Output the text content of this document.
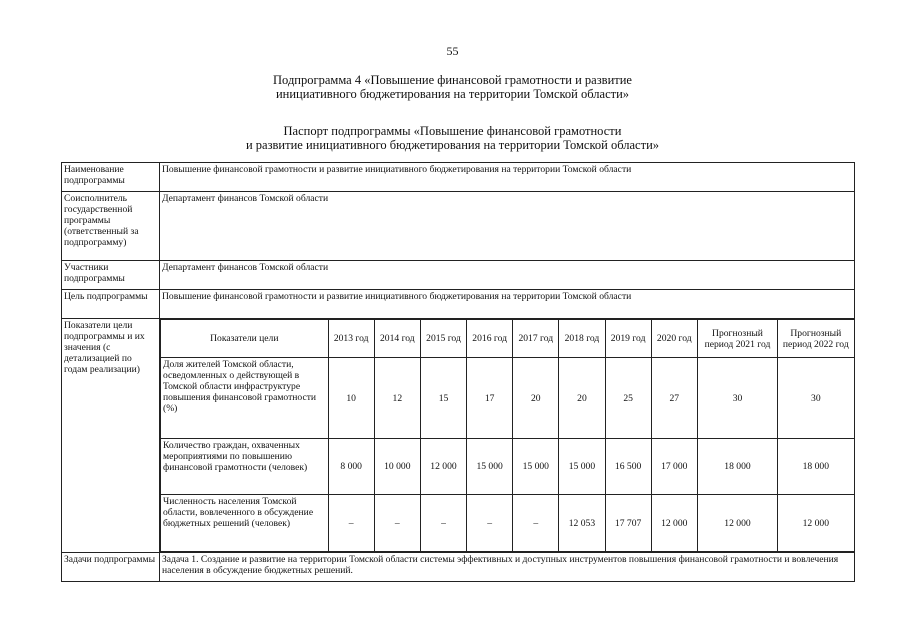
55
Подпрограмма 4 «Повышение финансовой грамотности и развитие
инициативного бюджетирования на территории Томской области»
Паспорт подпрограммы «Повышение финансовой грамотности
и развитие инициативного бюджетирования на территории Томской области»
Наименование подпрограммы	Повышение финансовой грамотности и развитие инициативного бюджетирования на территории Томской области
Соисполнитель государственной программы (ответственный за подпрограмму)	Департамент финансов Томской области
Участники подпрограммы	Департамент финансов Томской области
Цель подпрограммы	Повышение финансовой грамотности и развитие инициативного бюджетирования на территории Томской области
Показатели цели подпрограммы и их значения (с детализацией по годам реализации)	
Показатели цели	2013 год	2014 год	2015 год	2016 год	2017 год	2018 год	2019 год	2020 год	Прогнозный период 2021 год	Прогнозный период 2022 год
Доля жителей Томской области, осведомленных о действующей в Томской области инфраструктуре повышения финансовой грамотности (%)	10	12	15	17	20	20	25	27	30	30
Количество граждан, охваченных мероприятиями по повышению финансовой грамотности (человек)	8 000	10 000	12 000	15 000	15 000	15 000	16 500	17 000	18 000	18 000
Численность населения Томской области, вовлеченного в обсуждение бюджетных решений (человек)	–	–	–	–	–	12 053	17 707	12 000	12 000	12 000

Задачи подпрограммы	Задача 1. Создание и развитие на территории Томской области системы эффективных и доступных инструментов повышения финансовой грамотности и вовлечения населения в обсуждение бюджетных решений.
